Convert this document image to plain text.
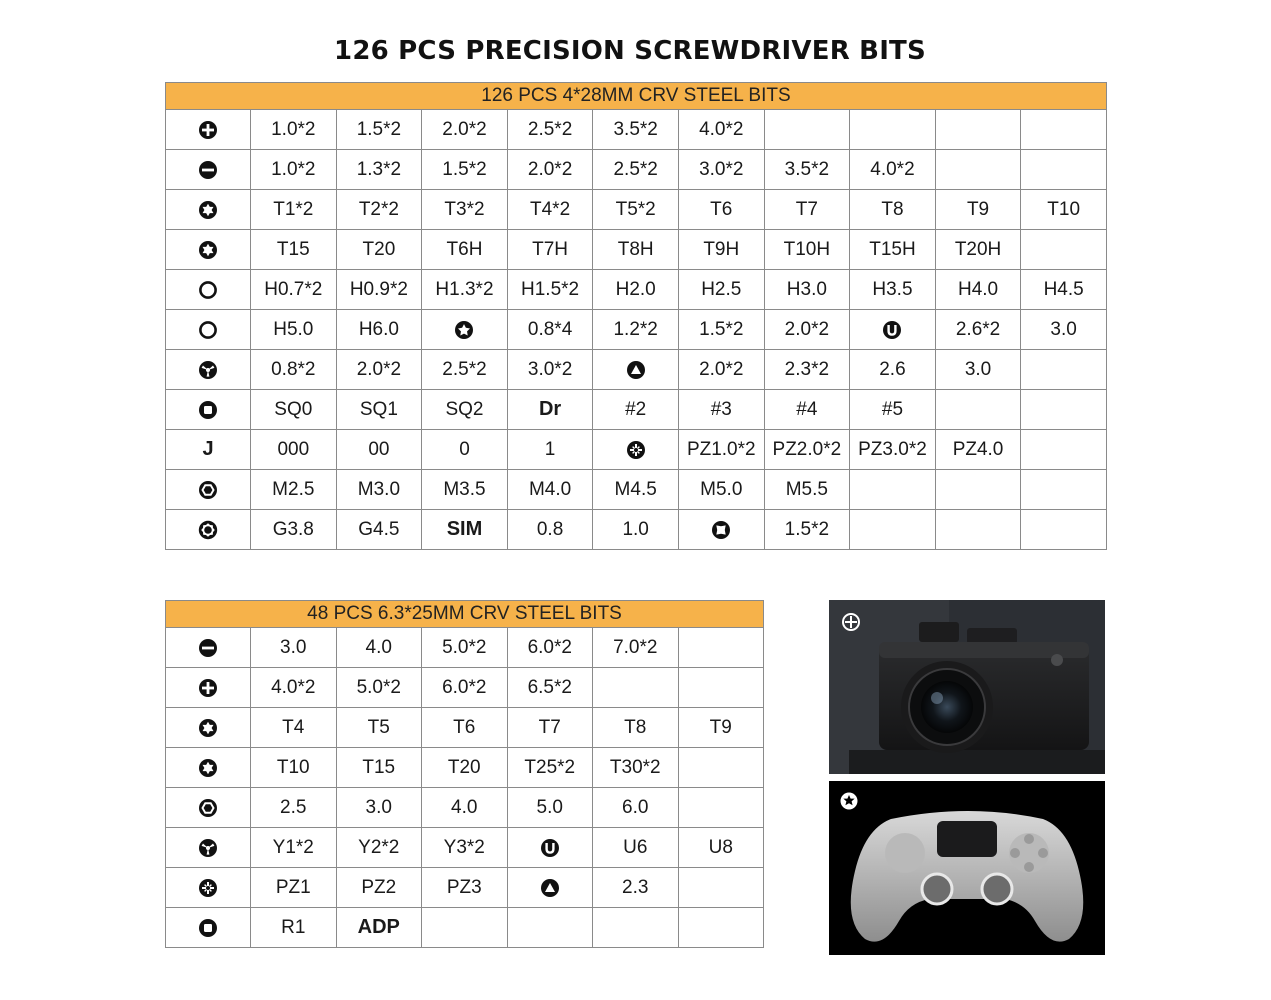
126 PCS PRECISION SCREWDRIVER BITS
126 PCS 4*28MM CRV STEEL BITS										

	1.0*2	1.5*2	2.0*2	2.5*2	3.5*2	4.0*2				

	1.0*2	1.3*2	1.5*2	2.0*2	2.5*2	3.0*2	3.5*2	4.0*2		

	T1*2	T2*2	T3*2	T4*2	T5*2	T6	T7	T8	T9	T10

	T15	T20	T6H	T7H	T8H	T9H	T10H	T15H	T20H	

	H0.7*2	H0.9*2	H1.3*2	H1.5*2	H2.0	H2.5	H3.0	H3.5	H4.0	H4.5

	H5.0	H6.0		0.8*4	1.2*2	1.5*2	2.0*2		2.6*2	3.0

	0.8*2	2.0*2	2.5*2	3.0*2		2.0*2	2.3*2	2.6	3.0	

	SQ0	SQ1	SQ2	Dr	#2	#3	#4	#5		
J	000	00	0	1		PZ1.0*2	PZ2.0*2	PZ3.0*2	PZ4.0	

	M2.5	M3.0	M3.5	M4.0	M4.5	M5.0	M5.5			

	G3.8	G4.5	SIM	0.8	1.0		1.5*2			
48 PCS 6.3*25MM CRV STEEL BITS						

	3.0	4.0	5.0*2	6.0*2	7.0*2	

	4.0*2	5.0*2	6.0*2	6.5*2		

	T4	T5	T6	T7	T8	T9

	T10	T15	T20	T25*2	T30*2	

	2.5	3.0	4.0	5.0	6.0	

	Y1*2	Y2*2	Y3*2		U6	U8

	PZ1	PZ2	PZ3		2.3	

	R1	ADP				
